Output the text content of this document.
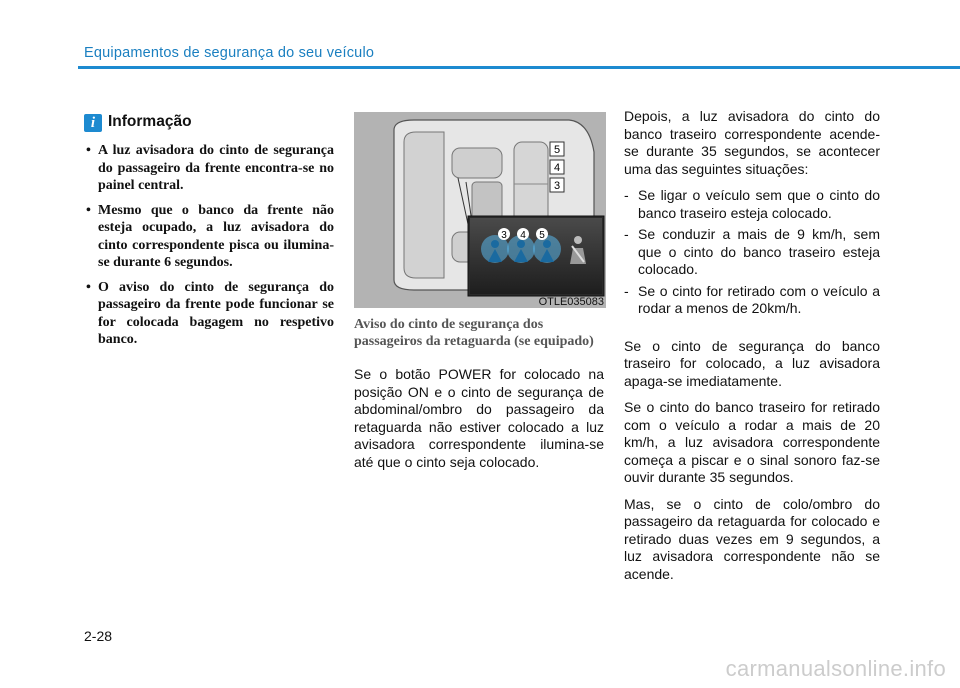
Equipamentos de segurança do seu veículo
i Informação
• A luz avisadora do cinto de segurança do passageiro da frente encontra-se no painel central.
• Mesmo que o banco da frente não esteja ocupado, a luz avisadora do cinto correspondente pisca ou ilumina-se durante 6 segundos.
• O aviso do cinto de segurança do passageiro da frente pode funcionar se for colocada bagagem no respetivo banco.
5
4
3
3 4 5
OTLE035083
Aviso do cinto de segurança dos passageiros da retaguarda (se equipado)
Se o botão POWER for colocado na posição ON e o cinto de segurança de abdominal/ombro do passageiro da retaguarda não estiver colocado a luz avisadora correspondente ilumina-se até que o cinto seja colocado.

Depois, a luz avisadora do cinto do banco traseiro correspondente acende-se durante 35 segundos, se acontecer uma das seguintes situações:

- Se ligar o veículo sem que o cinto do banco traseiro esteja colocado.
- Se conduzir a mais de 9 km/h, sem que o cinto do banco traseiro esteja colocado.
- Se o cinto for retirado com o veículo a rodar a menos de 20km/h.

Se o cinto de segurança do banco traseiro for colocado, a luz avisadora apaga-se imediatamente.

Se o cinto do banco traseiro for retirado com o veículo a rodar a mais de 20 km/h, a luz avisadora correspondente começa a piscar e o sinal sonoro faz-se ouvir durante 35 segundos.

Mas, se o cinto de colo/ombro do passageiro da retaguarda for colocado e retirado duas vezes em 9 segundos, a luz avisadora correspondente não se acende.

2-28
carmanualsonline.info
